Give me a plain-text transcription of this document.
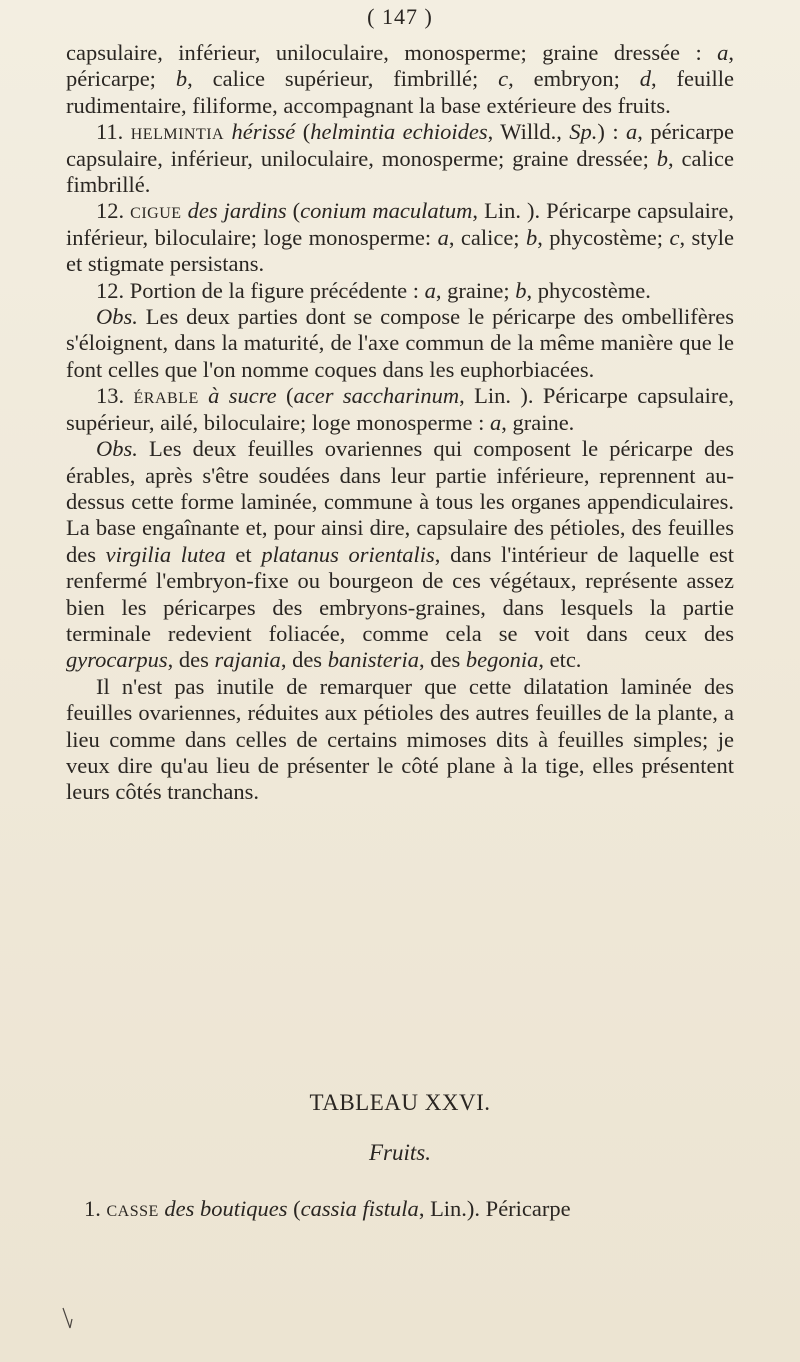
( 147 )

capsulaire, inférieur, uniloculaire, monosperme; graine dressée : a, péricarpe; b, calice supérieur, fimbrillé; c, embryon; d, feuille rudimentaire, filiforme, accompagnant la base extérieure des fruits.

11. helmintia hérissé (helmintia echioides, Willd., Sp.) : a, péricarpe capsulaire, inférieur, uniloculaire, monosperme; graine dressée; b, calice fimbrillé.

12. cigue des jardins (conium maculatum, Lin. ). Péricarpe capsulaire, inférieur, biloculaire; loge monosperme: a, calice; b, phycostème; c, style et stigmate persistans.

12. Portion de la figure précédente : a, graine; b, phycostème.

Obs. Les deux parties dont se compose le péricarpe des ombellifères s'éloignent, dans la maturité, de l'axe commun de la même manière que le font celles que l'on nomme coques dans les euphorbiacées.

13. érable à sucre (acer saccharinum, Lin. ). Péricarpe capsulaire, supérieur, ailé, biloculaire; loge monosperme : a, graine.

Obs. Les deux feuilles ovariennes qui composent le péricarpe des érables, après s'être soudées dans leur partie inférieure, reprennent au-dessus cette forme laminée, commune à tous les organes appendiculaires. La base engaînante et, pour ainsi dire, capsulaire des pétioles, des feuilles des virgilia lutea et platanus orientalis, dans l'intérieur de laquelle est renfermé l'embryon-fixe ou bourgeon de ces végétaux, représente assez bien les péricarpes des embryons-graines, dans lesquels la partie terminale redevient foliacée, comme cela se voit dans ceux des gyrocarpus, des rajania, des banisteria, des begonia, etc.

Il n'est pas inutile de remarquer que cette dilatation laminée des feuilles ovariennes, réduites aux pétioles des autres feuilles de la plante, a lieu comme dans celles de certains mimoses dits à feuilles simples; je veux dire qu'au lieu de présenter le côté plane à la tige, elles présentent leurs côtés tranchans.

TABLEAU XXVI.
Fruits.
1. casse des boutiques (cassia fistula, Lin.). Péricarpe
